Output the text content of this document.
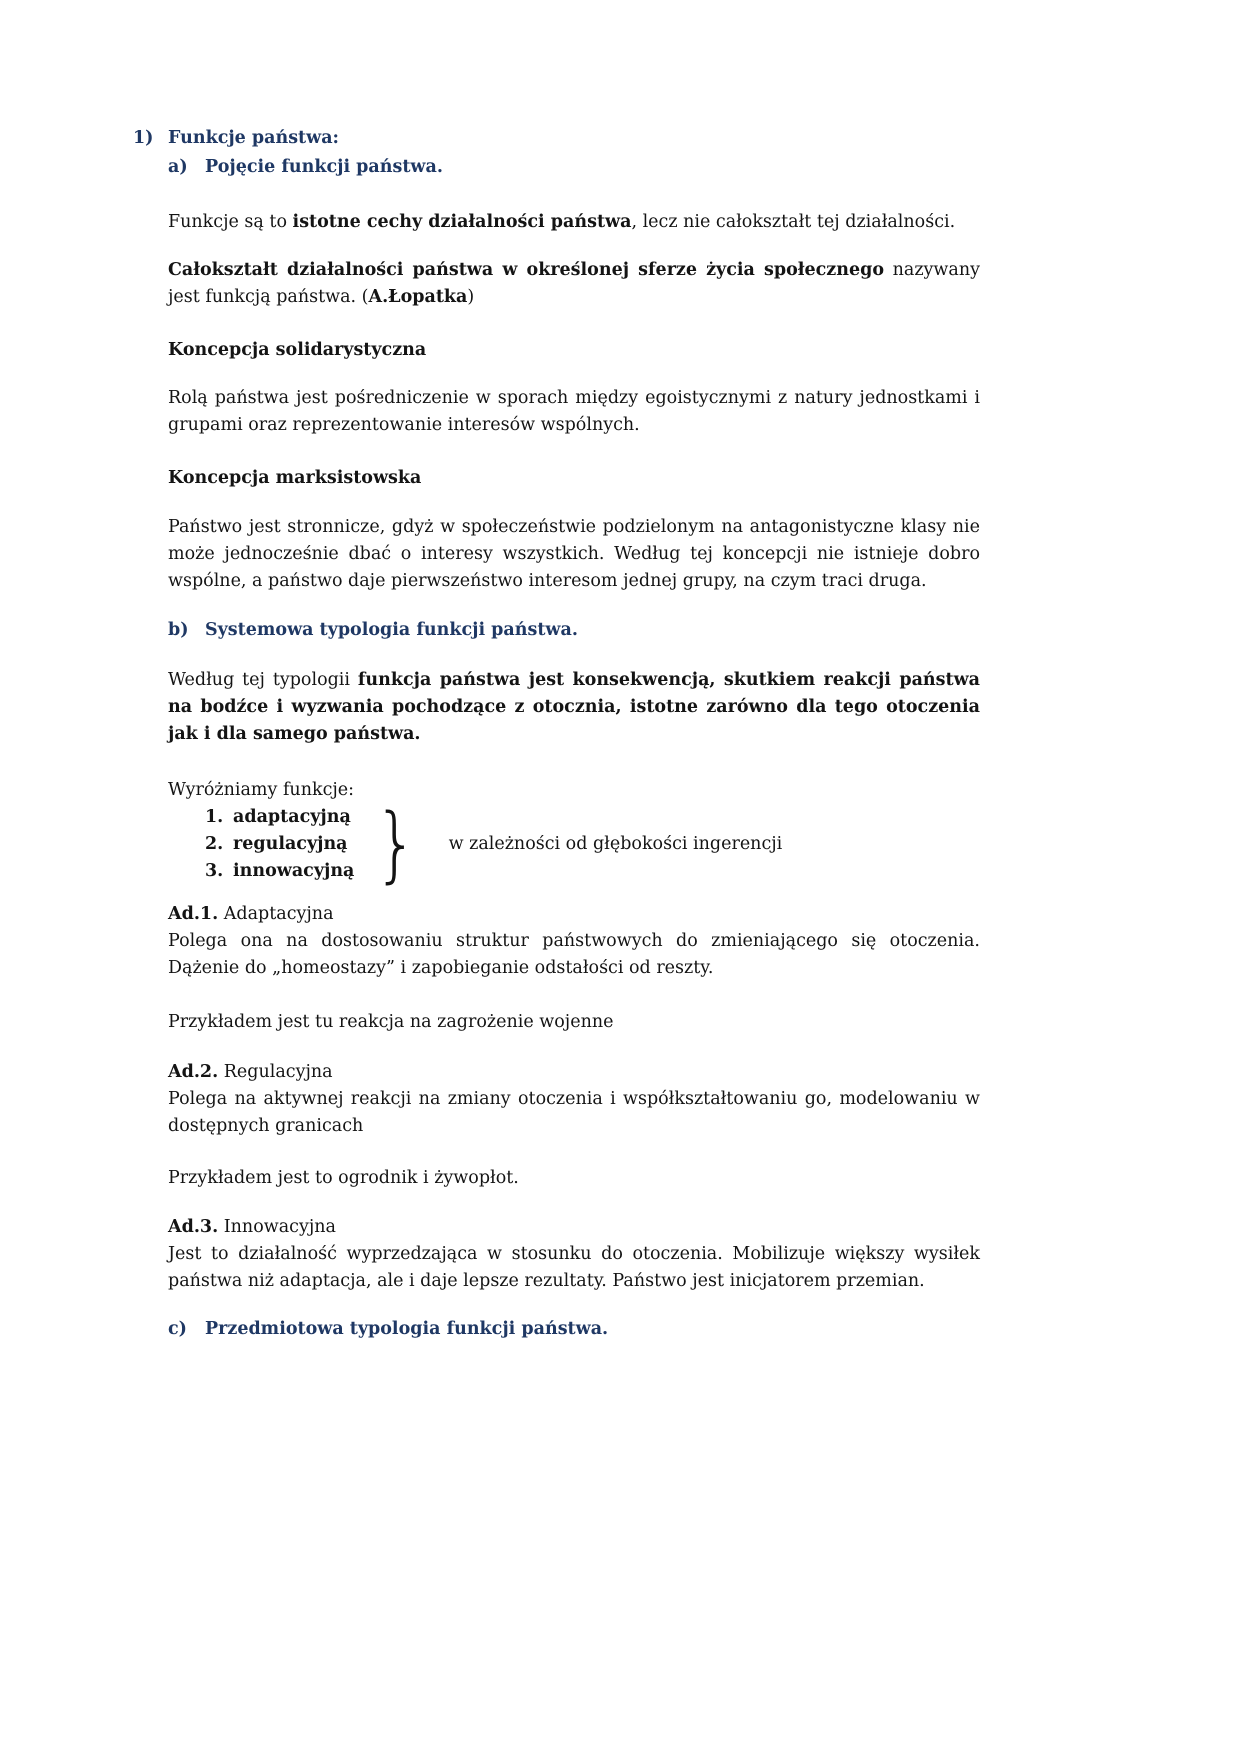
1) Funkcje państwa:
a) Pojęcie funkcji państwa.

Funkcje są to istotne cechy działalności państwa, lecz nie całokształt tej działalności.

Całokształt działalności państwa w określonej sferze życia społecznego nazywany jest funkcją państwa. (A.Łopatka)

Koncepcja solidarystyczna

Rolą państwa jest pośredniczenie w sporach między egoistycznymi z natury jednostkami i grupami oraz reprezentowanie interesów wspólnych.

Koncepcja marksistowska

Państwo jest stronnicze, gdyż w społeczeństwie podzielonym na antagonistyczne klasy nie może jednocześnie dbać o interesy wszystkich. Według tej koncepcji nie istnieje dobro wspólne, a państwo daje pierwszeństwo interesom jednej grupy, na czym traci druga.

b) Systemowa typologia funkcji państwa.

Według tej typologii funkcja państwa jest konsekwencją, skutkiem reakcji państwa na bodźce i wyzwania pochodzące z otocznia, istotne zarówno dla tego otoczenia jak i dla samego państwa.

Wyróżniamy funkcje:

1. adaptacyjną
2. regulacyjną
3. innowacyjną } w zależności od głębokości ingerencji
Ad.1. Adaptacyjna

Polega ona na dostosowaniu struktur państwowych do zmieniającego się otoczenia. Dążenie do „homeostazy” i zapobieganie odstałości od reszty.

Przykładem jest tu reakcja na zagrożenie wojenne

Ad.2. Regulacyjna

Polega na aktywnej reakcji na zmiany otoczenia i współkształtowaniu go, modelowaniu w dostępnych granicach

Przykładem jest to ogrodnik i żywopłot.

Ad.3. Innowacyjna

Jest to działalność wyprzedzająca w stosunku do otoczenia. Mobilizuje większy wysiłek państwa niż adaptacja, ale i daje lepsze rezultaty. Państwo jest inicjatorem przemian.

c)	Przedmiotowa typologia funkcji państwa.
